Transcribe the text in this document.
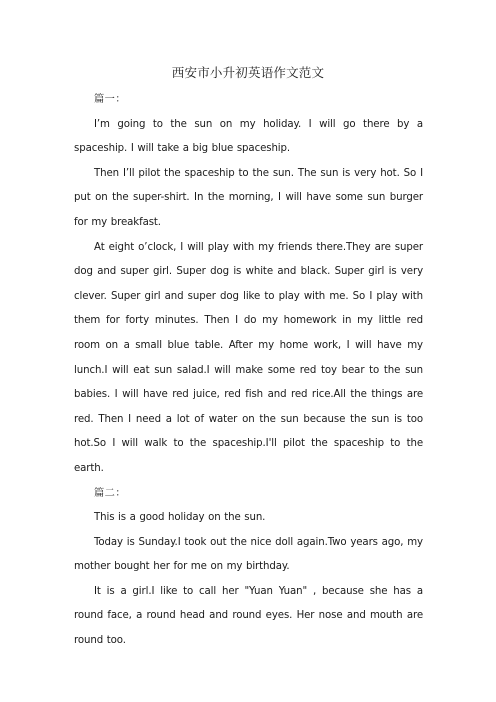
西安市小升初英语作文范文

篇一：

I’m going to the sun on my holiday. I will go there by a spaceship. I will take a big blue spaceship.

Then I’ll pilot the spaceship to the sun. The sun is very hot. So I put on the super-shirt. In the morning, I will have some sun burger for my breakfast.

At eight o’clock, I will play with my friends there.They are super dog and super girl. Super dog is white and black. Super girl is very clever. Super girl and super dog like to play with me. So I play with them for forty minutes. Then I do my homework in my little red room on a small blue table. After my home work, I will have my lunch.I will eat sun salad.I will make some red toy bear to the sun babies. I will have red juice, red fish and red rice.All the things are red. Then I need a lot of water on the sun because the sun is too hot.So I will walk to the spaceship.I'll pilot the spaceship to the earth.

篇二：

This is a good holiday on the sun.

Today is Sunday.I took out the nice doll again.Two years ago, my mother bought her for me on my birthday.

It is a girl.I like to call her "Yuan Yuan" , because she has a round face, a round head and round eyes. Her nose and mouth are round too.
